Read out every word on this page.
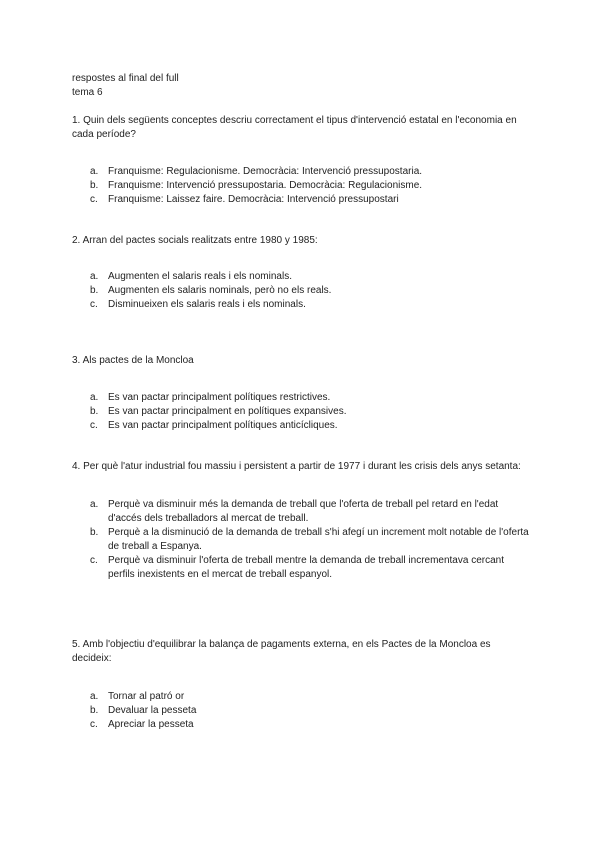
respostes al final del full
tema 6

1. Quin dels següents conceptes descriu correctament el tipus d'intervenció estatal en l'economia en cada període?

a. Franquisme: Regulacionisme. Democràcia: Intervenció pressupostaria.
b. Franquisme: Intervenció pressupostaria. Democràcia: Regulacionisme.
c. Franquisme: Laissez faire. Democràcia: Intervenció pressupostari

2. Arran del pactes socials realitzats entre 1980 y 1985:

a. Augmenten el salaris reals i els nominals.
b. Augmenten els salaris nominals, però no els reals.
c. Disminueixen els salaris reals i els nominals.

3. Als pactes de la Moncloa

a. Es van pactar principalment polítiques restrictives.
b. Es van pactar principalment en polítiques expansives.
c. Es van pactar principalment polítiques anticícliques.

4. Per què l'atur industrial fou massiu i persistent a partir de 1977 i durant les crisis dels anys setanta:

a. Perquè va disminuir més la demanda de treball que l'oferta de treball pel retard en l'edat d'accés dels treballadors al mercat de treball.
b. Perquè a la disminució de la demanda de treball s'hi afegí un increment molt notable de l'oferta de treball a Espanya.
c. Perquè va disminuir l'oferta de treball mentre la demanda de treball incrementava cercant perfils inexistents en el mercat de treball espanyol.

5. Amb l'objectiu d'equilibrar la balança de pagaments externa, en els Pactes de la Moncloa es decideix:

a. Tornar al patró or
b. Devaluar la pesseta
c. Apreciar la pesseta
